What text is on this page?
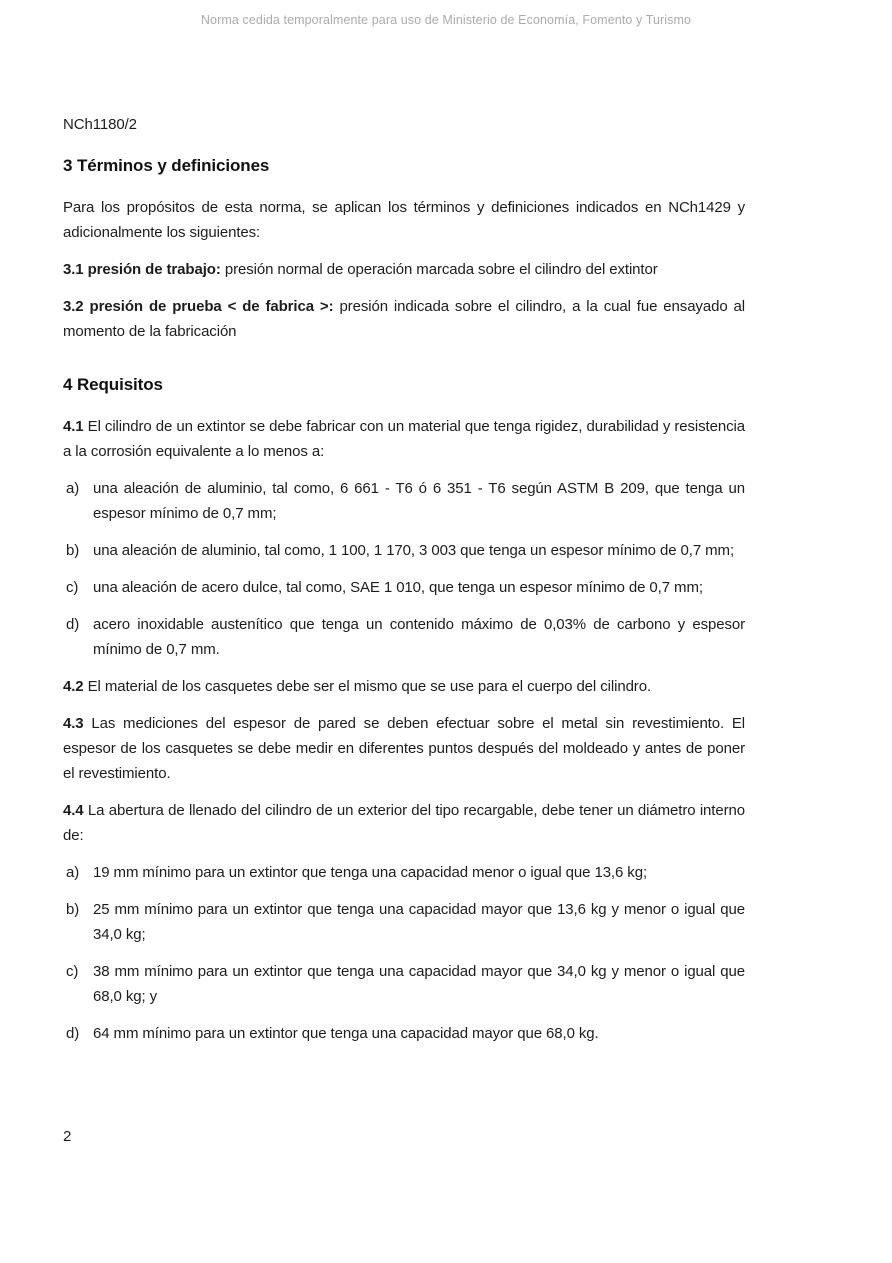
Norma cedida temporalmente para uso de Ministerio de Economía, Fomento y Turismo
NCh1180/2
3 Términos y definiciones

Para los propósitos de esta norma, se aplican los términos y definiciones indicados en NCh1429 y adicionalmente los siguientes:

3.1 presión de trabajo: presión normal de operación marcada sobre el cilindro del extintor

3.2 presión de prueba < de fabrica >: presión indicada sobre el cilindro, a la cual fue ensayado al momento de la fabricación

4 Requisitos

4.1 El cilindro de un extintor se debe fabricar con un material que tenga rigidez, durabilidad y resistencia a la corrosión equivalente a lo menos a:

a) una aleación de aluminio, tal como, 6 661 - T6 ó 6 351 - T6 según ASTM B 209, que tenga un espesor mínimo de 0,7 mm;
b) una aleación de aluminio, tal como, 1 100, 1 170, 3 003 que tenga un espesor mínimo de 0,7 mm;
c) una aleación de acero dulce, tal como, SAE 1 010, que tenga un espesor mínimo de 0,7 mm;
d) acero inoxidable austenítico que tenga un contenido máximo de 0,03% de carbono y espesor mínimo de 0,7 mm.

4.2 El material de los casquetes debe ser el mismo que se use para el cuerpo del cilindro.

4.3 Las mediciones del espesor de pared se deben efectuar sobre el metal sin revestimiento. El espesor de los casquetes se debe medir en diferentes puntos después del moldeado y antes de poner el revestimiento.

4.4 La abertura de llenado del cilindro de un exterior del tipo recargable, debe tener un diámetro interno de:

a) 19 mm mínimo para un extintor que tenga una capacidad menor o igual que 13,6 kg;
b) 25 mm mínimo para un extintor que tenga una capacidad mayor que 13,6 kg y menor o igual que 34,0 kg;
c) 38 mm mínimo para un extintor que tenga una capacidad mayor que 34,0 kg y menor o igual que 68,0 kg; y
d) 64 mm mínimo para un extintor que tenga una capacidad mayor que 68,0 kg.
2
